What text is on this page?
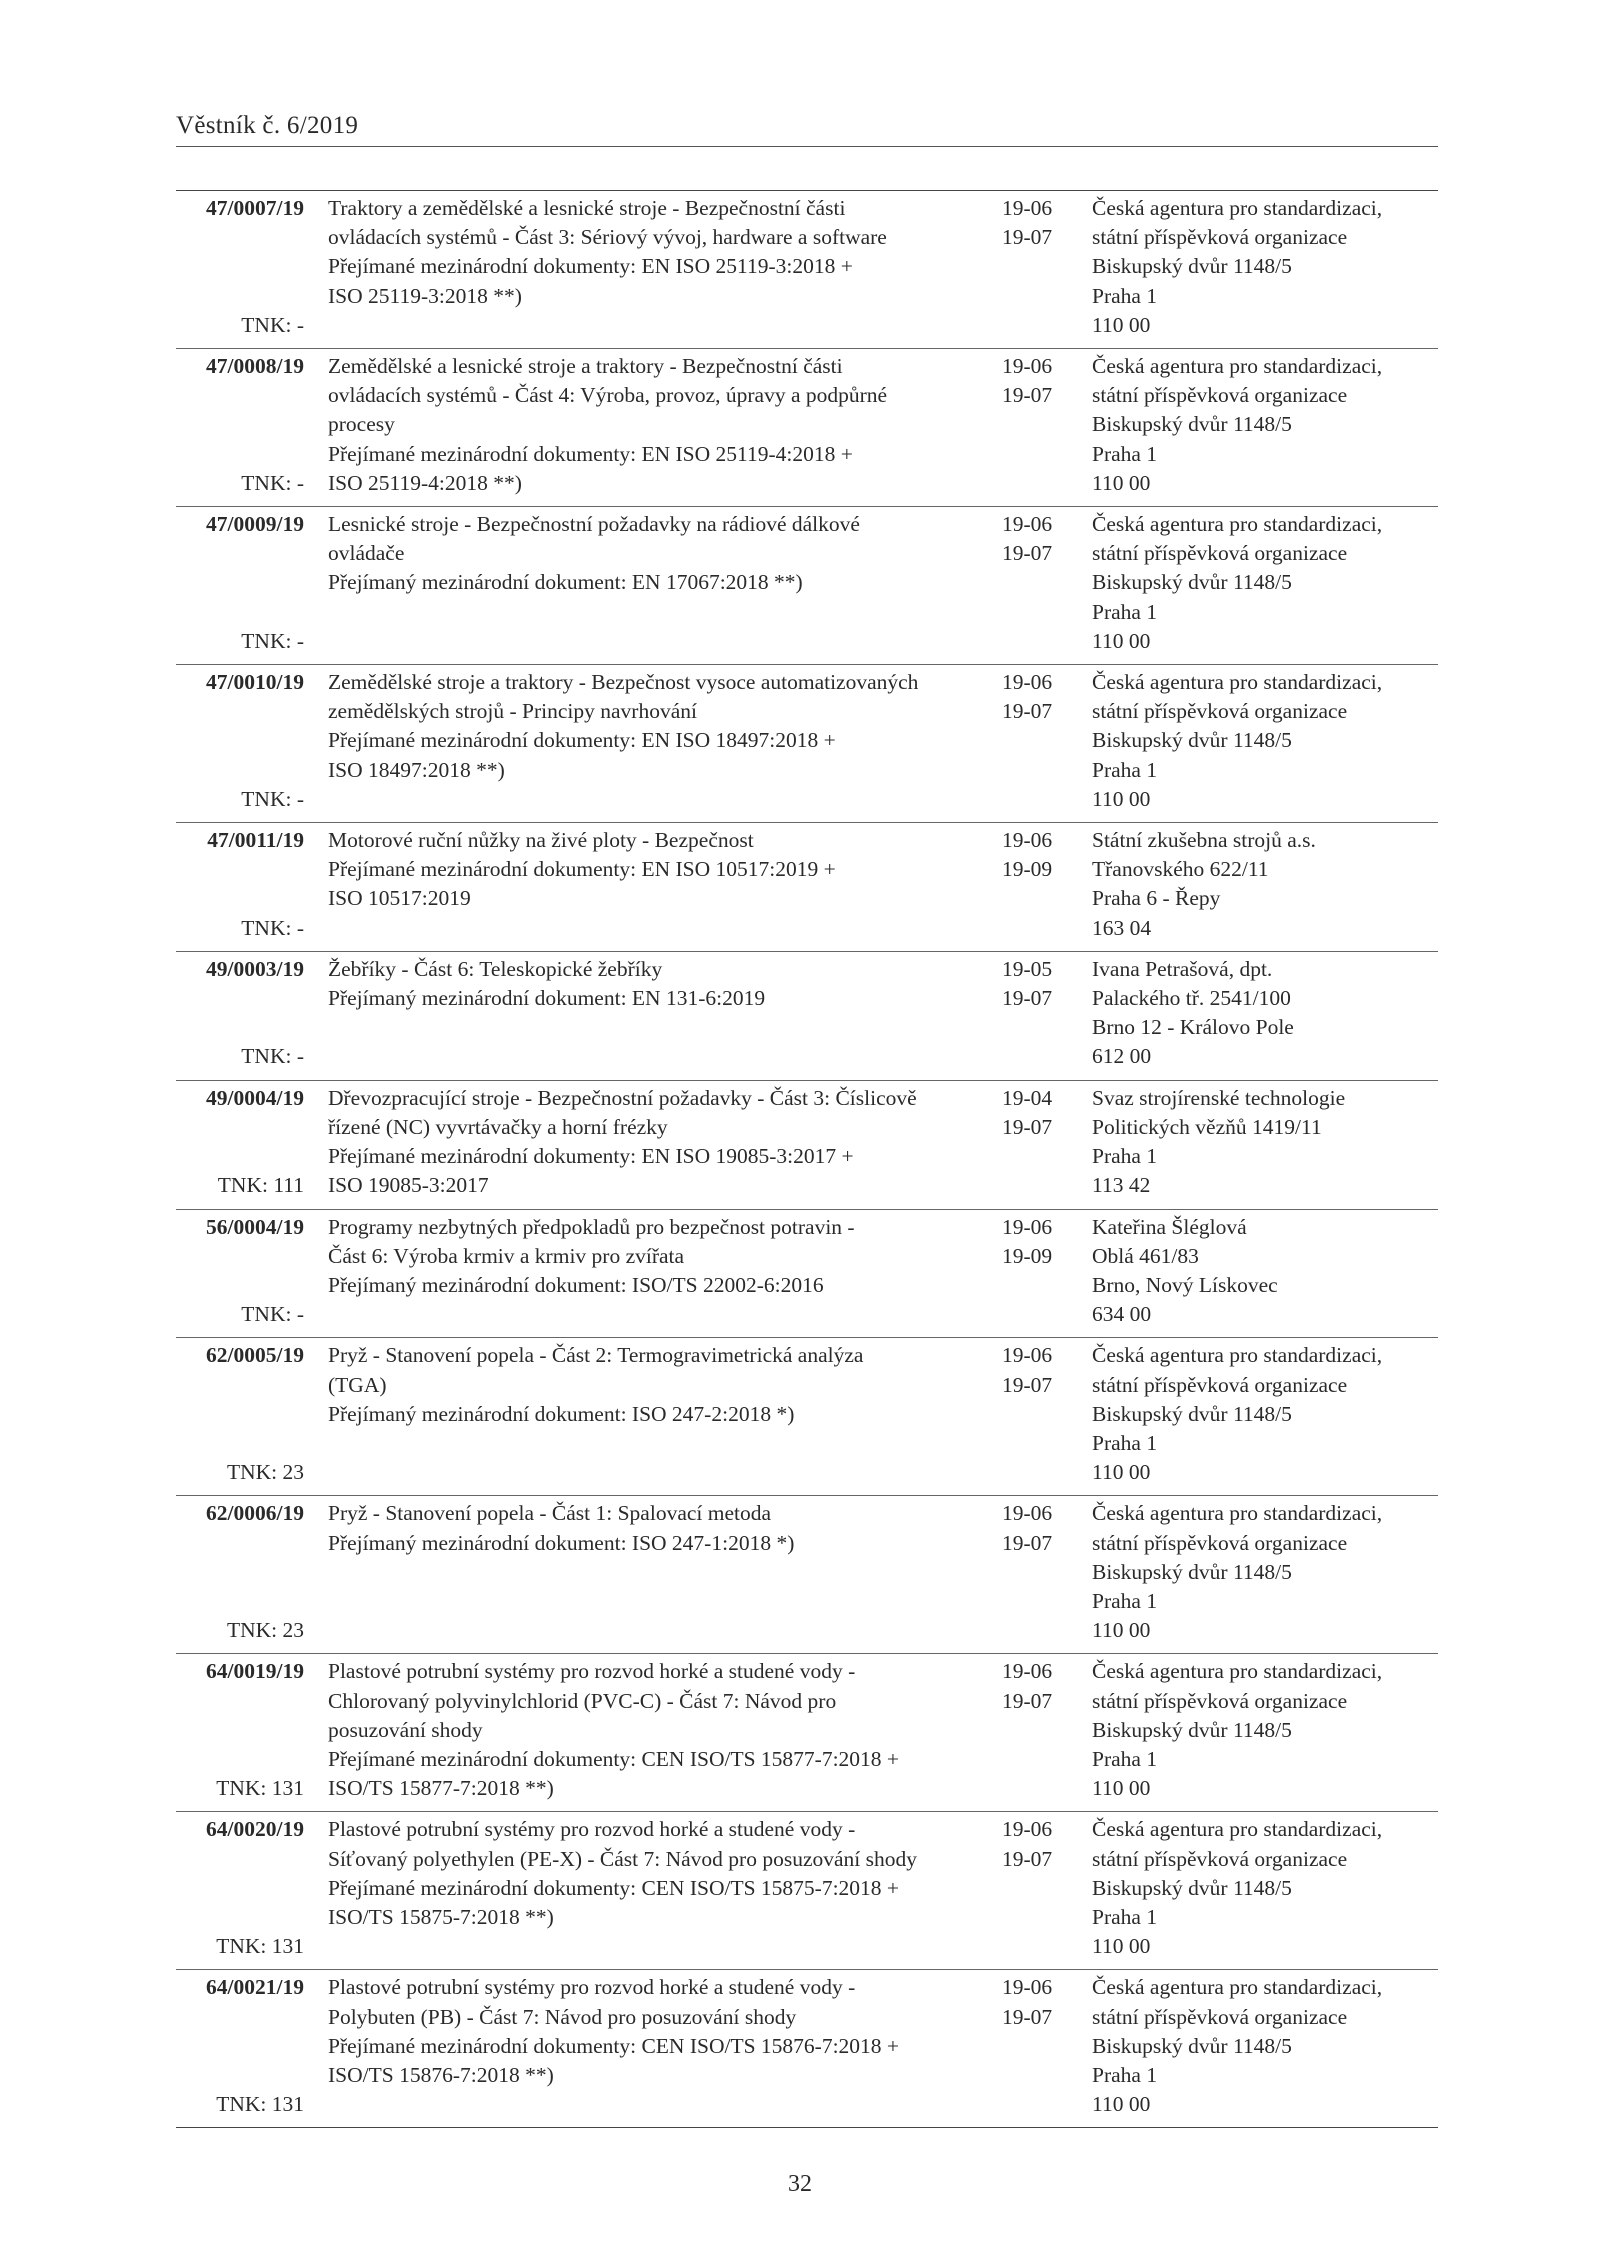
Věstník č. 6/2019
47/0007/19
TNK: -
Traktory a zemědělské a lesnické stroje - Bezpečnostní části
ovládacích systémů - Část 3: Sériový vývoj, hardware a software
Přejímané mezinárodní dokumenty: EN ISO 25119-3:2018 +
ISO 25119-3:2018 **)
19-06
19-07
Česká agentura pro standardizaci,
státní příspěvková organizace
Biskupský dvůr 1148/5
Praha 1
110 00
47/0008/19
TNK: -
Zemědělské a lesnické stroje a traktory - Bezpečnostní části
ovládacích systémů - Část 4: Výroba, provoz, úpravy a podpůrné
procesy
Přejímané mezinárodní dokumenty: EN ISO 25119-4:2018 +
ISO 25119-4:2018 **)
19-06
19-07
Česká agentura pro standardizaci,
státní příspěvková organizace
Biskupský dvůr 1148/5
Praha 1
110 00
47/0009/19
TNK: -
Lesnické stroje - Bezpečnostní požadavky na rádiové dálkové
ovládače
Přejímaný mezinárodní dokument: EN 17067:2018 **)
19-06
19-07
Česká agentura pro standardizaci,
státní příspěvková organizace
Biskupský dvůr 1148/5
Praha 1
110 00
47/0010/19
TNK: -
Zemědělské stroje a traktory - Bezpečnost vysoce automatizovaných
zemědělských strojů - Principy navrhování
Přejímané mezinárodní dokumenty: EN ISO 18497:2018 +
ISO 18497:2018 **)
19-06
19-07
Česká agentura pro standardizaci,
státní příspěvková organizace
Biskupský dvůr 1148/5
Praha 1
110 00
47/0011/19
TNK: -
Motorové ruční nůžky na živé ploty - Bezpečnost
Přejímané mezinárodní dokumenty: EN ISO 10517:2019 +
ISO 10517:2019
19-06
19-09
Státní zkušebna strojů a.s.
Třanovského 622/11
Praha 6 - Řepy
163 04
49/0003/19
TNK: -
Žebříky - Část 6: Teleskopické žebříky
Přejímaný mezinárodní dokument: EN 131-6:2019
19-05
19-07
Ivana Petrašová, dpt.
Palackého tř. 2541/100
Brno 12 - Královo Pole
612 00
49/0004/19
TNK: 111
Dřevozpracující stroje - Bezpečnostní požadavky - Část 3: Číslicově
řízené (NC) vyvrtávačky a horní frézky
Přejímané mezinárodní dokumenty: EN ISO 19085-3:2017 +
ISO 19085-3:2017
19-04
19-07
Svaz strojírenské technologie
Politických vězňů 1419/11
Praha 1
113 42
56/0004/19
TNK: -
Programy nezbytných předpokladů pro bezpečnost potravin -
Část 6: Výroba krmiv a krmiv pro zvířata
Přejímaný mezinárodní dokument: ISO/TS 22002-6:2016
19-06
19-09
Kateřina Šléglová
Oblá 461/83
Brno, Nový Lískovec
634 00
62/0005/19
TNK: 23
Pryž - Stanovení popela - Část 2: Termogravimetrická analýza
(TGA)
Přejímaný mezinárodní dokument: ISO 247-2:2018 *)
19-06
19-07
Česká agentura pro standardizaci,
státní příspěvková organizace
Biskupský dvůr 1148/5
Praha 1
110 00
62/0006/19
TNK: 23
Pryž - Stanovení popela - Část 1: Spalovací metoda
Přejímaný mezinárodní dokument: ISO 247-1:2018 *)
19-06
19-07
Česká agentura pro standardizaci,
státní příspěvková organizace
Biskupský dvůr 1148/5
Praha 1
110 00
64/0019/19
TNK: 131
Plastové potrubní systémy pro rozvod horké a studené vody -
Chlorovaný polyvinylchlorid (PVC-C) - Část 7: Návod pro
posuzování shody
Přejímané mezinárodní dokumenty: CEN ISO/TS 15877-7:2018 +
ISO/TS 15877-7:2018 **)
19-06
19-07
Česká agentura pro standardizaci,
státní příspěvková organizace
Biskupský dvůr 1148/5
Praha 1
110 00
64/0020/19
TNK: 131
Plastové potrubní systémy pro rozvod horké a studené vody -
Síťovaný polyethylen (PE-X) - Část 7: Návod pro posuzování shody
Přejímané mezinárodní dokumenty: CEN ISO/TS 15875-7:2018 +
ISO/TS 15875-7:2018 **)
19-06
19-07
Česká agentura pro standardizaci,
státní příspěvková organizace
Biskupský dvůr 1148/5
Praha 1
110 00
64/0021/19
TNK: 131
Plastové potrubní systémy pro rozvod horké a studené vody -
Polybuten (PB) - Část 7: Návod pro posuzování shody
Přejímané mezinárodní dokumenty: CEN ISO/TS 15876-7:2018 +
ISO/TS 15876-7:2018 **)
19-06
19-07
Česká agentura pro standardizaci,
státní příspěvková organizace
Biskupský dvůr 1148/5
Praha 1
110 00
32
